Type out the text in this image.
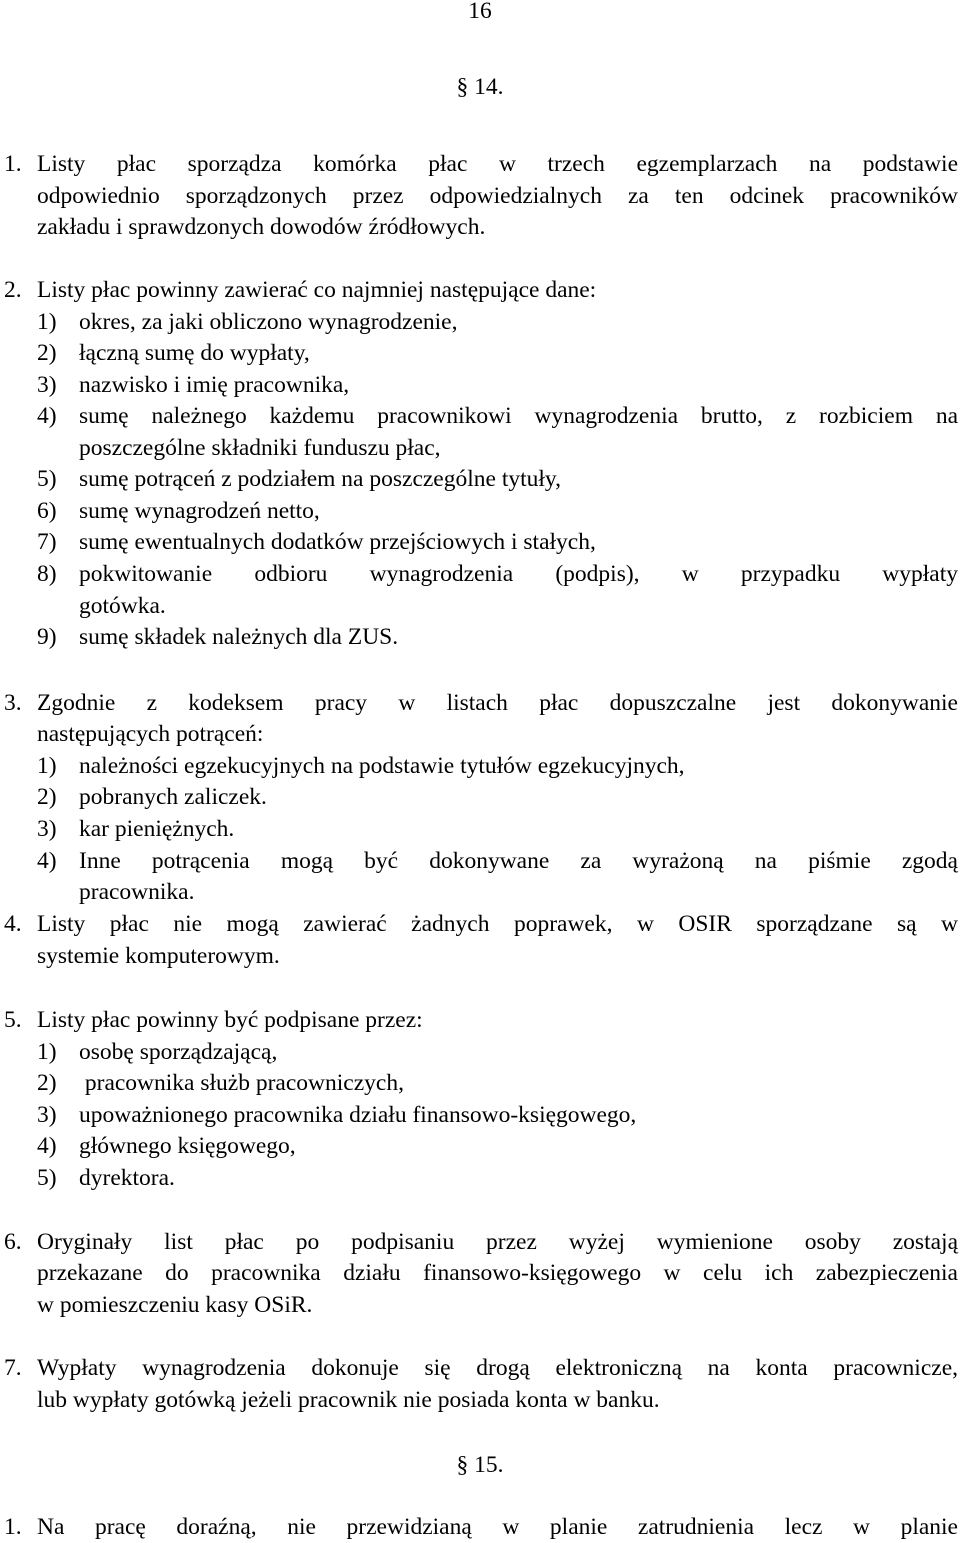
16
§ 14.
1. Listy płac sporządza komórka płac w trzech egzemplarzach na podstawie
odpowiednio sporządzonych przez odpowiedzialnych za ten odcinek pracowników
zakładu i sprawdzonych dowodów źródłowych.
2. Listy płac powinny zawierać co najmniej następujące dane:
1) okres, za jaki obliczono wynagrodzenie,
2) łączną sumę do wypłaty,
3) nazwisko i imię pracownika,
4) sumę należnego każdemu pracownikowi wynagrodzenia brutto, z rozbiciem na
poszczególne składniki funduszu płac,
5) sumę potrąceń z podziałem na poszczególne tytuły,
6) sumę wynagrodzeń netto,
7) sumę ewentualnych dodatków przejściowych i stałych,
8) pokwitowanie odbioru wynagrodzenia (podpis), w przypadku wypłaty
gotówka.
9) sumę składek należnych dla ZUS.
3. Zgodnie z kodeksem pracy w listach płac dopuszczalne jest dokonywanie
następujących potrąceń:
1) należności egzekucyjnych na podstawie tytułów egzekucyjnych,
2) pobranych zaliczek.
3) kar pieniężnych.
4) Inne potrącenia mogą być dokonywane za wyrażoną na piśmie zgodą
pracownika.
4. Listy płac nie mogą zawierać żadnych poprawek, w OSIR sporządzane są w
systemie komputerowym.
5. Listy płac powinny być podpisane przez:
1) osobę sporządzającą,
2) pracownika służb pracowniczych,
3) upoważnionego pracownika działu finansowo-księgowego,
4) głównego księgowego,
5) dyrektora.
6. Oryginały list płac po podpisaniu przez wyżej wymienione osoby zostają
przekazane do pracownika działu finansowo-księgowego w celu ich zabezpieczenia
w pomieszczeniu kasy OSiR.
7. Wypłaty wynagrodzenia dokonuje się drogą elektroniczną na konta pracownicze,
lub wypłaty gotówką jeżeli pracownik nie posiada konta w banku.
§ 15.
1. Na pracę doraźną, nie przewidzianą w planie zatrudnienia lecz w planie
